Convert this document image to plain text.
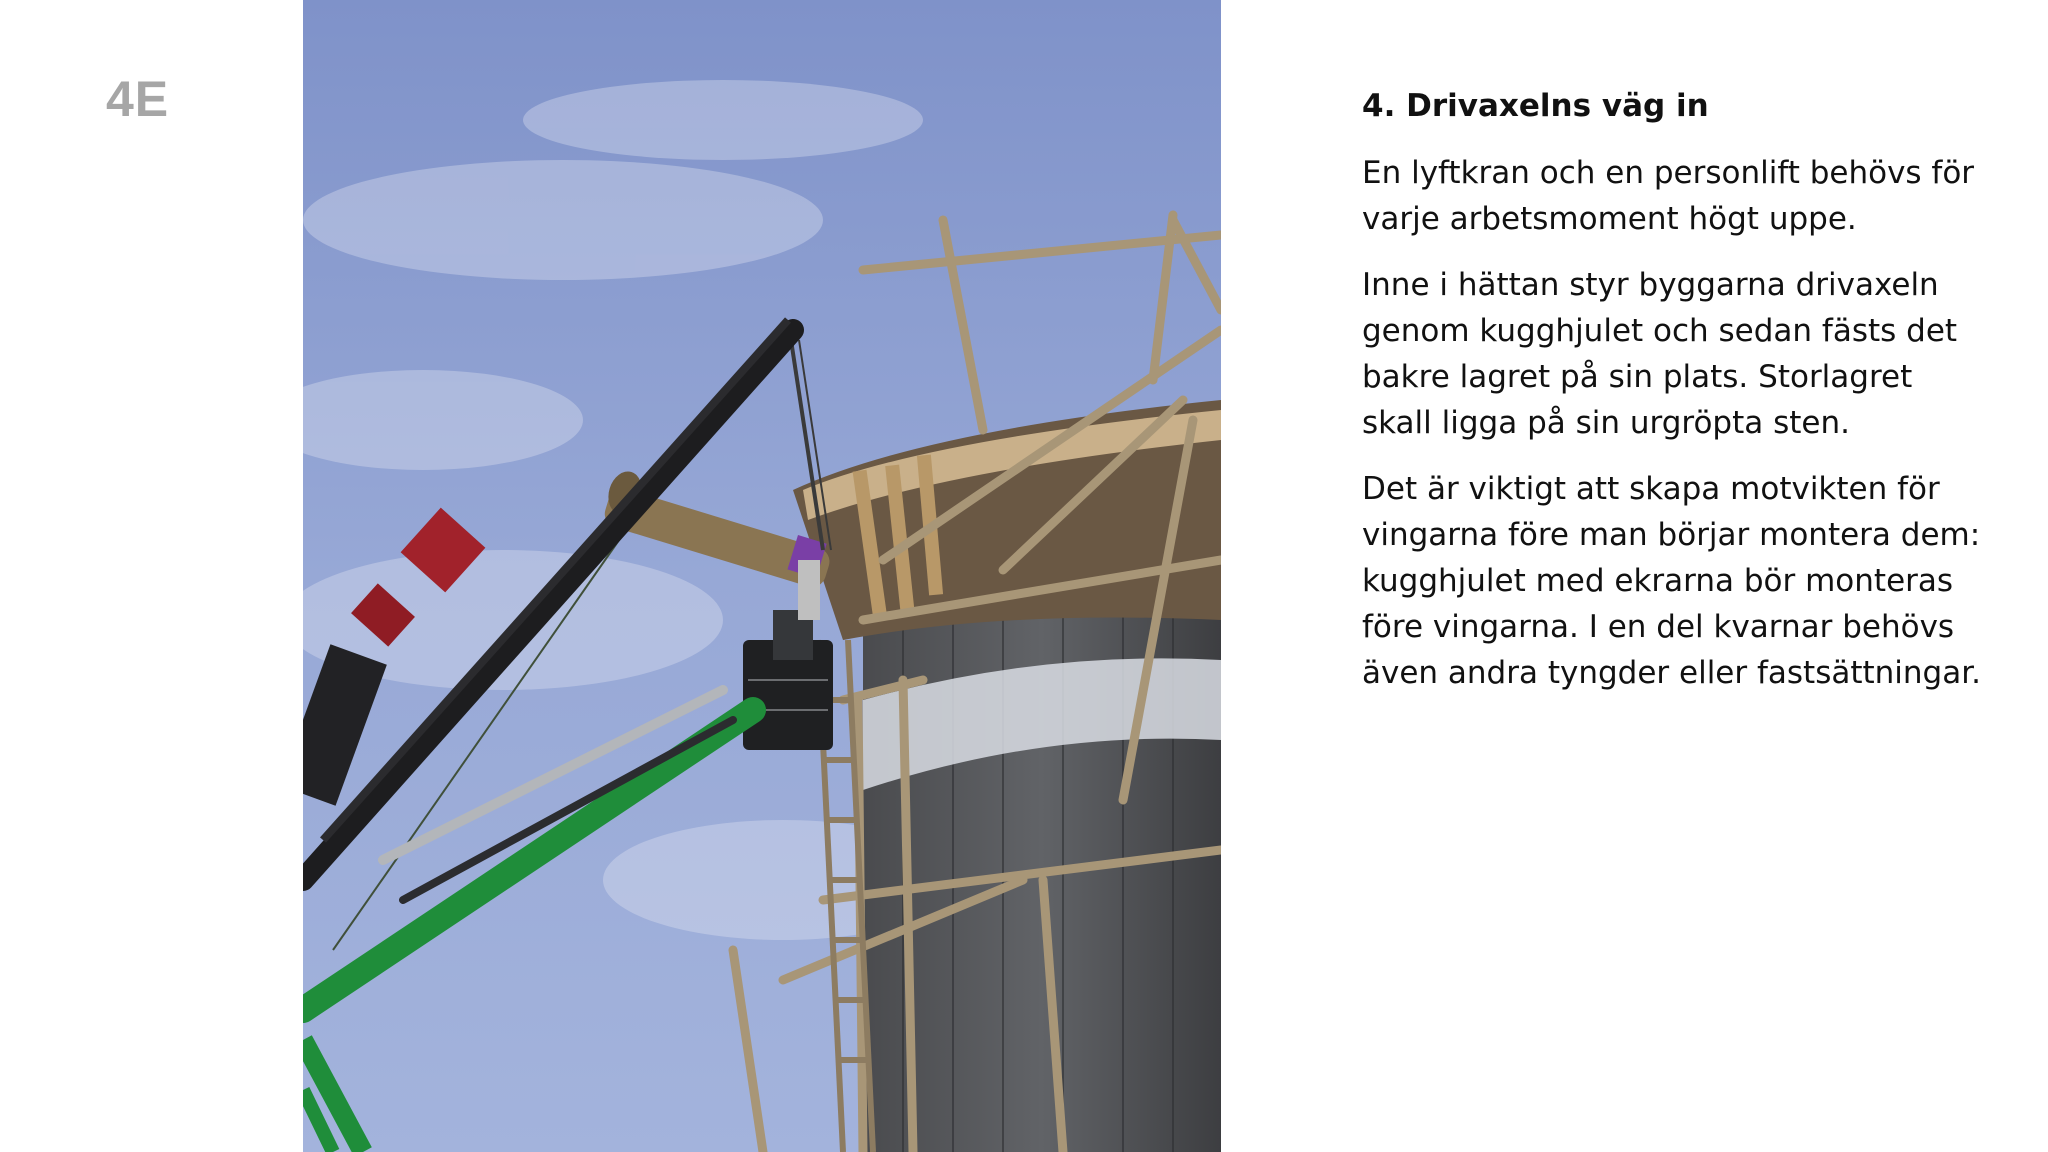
4E	4. Drivaxelns väg in

En lyftkran och en personlift behövs för varje arbetsmoment högt uppe.

Inne i hättan styr byggarna drivaxeln genom kugghjulet och sedan fästs det bakre lagret på sin plats. Storlagret skall ligga på sin urgröpta sten.

Det är viktigt att skapa motvikten för vingarna före man börjar montera dem: kugghjulet med ekrarna bör monteras före vingarna. I en del kvarnar behövs även andra tyngder eller fastsättningar.
